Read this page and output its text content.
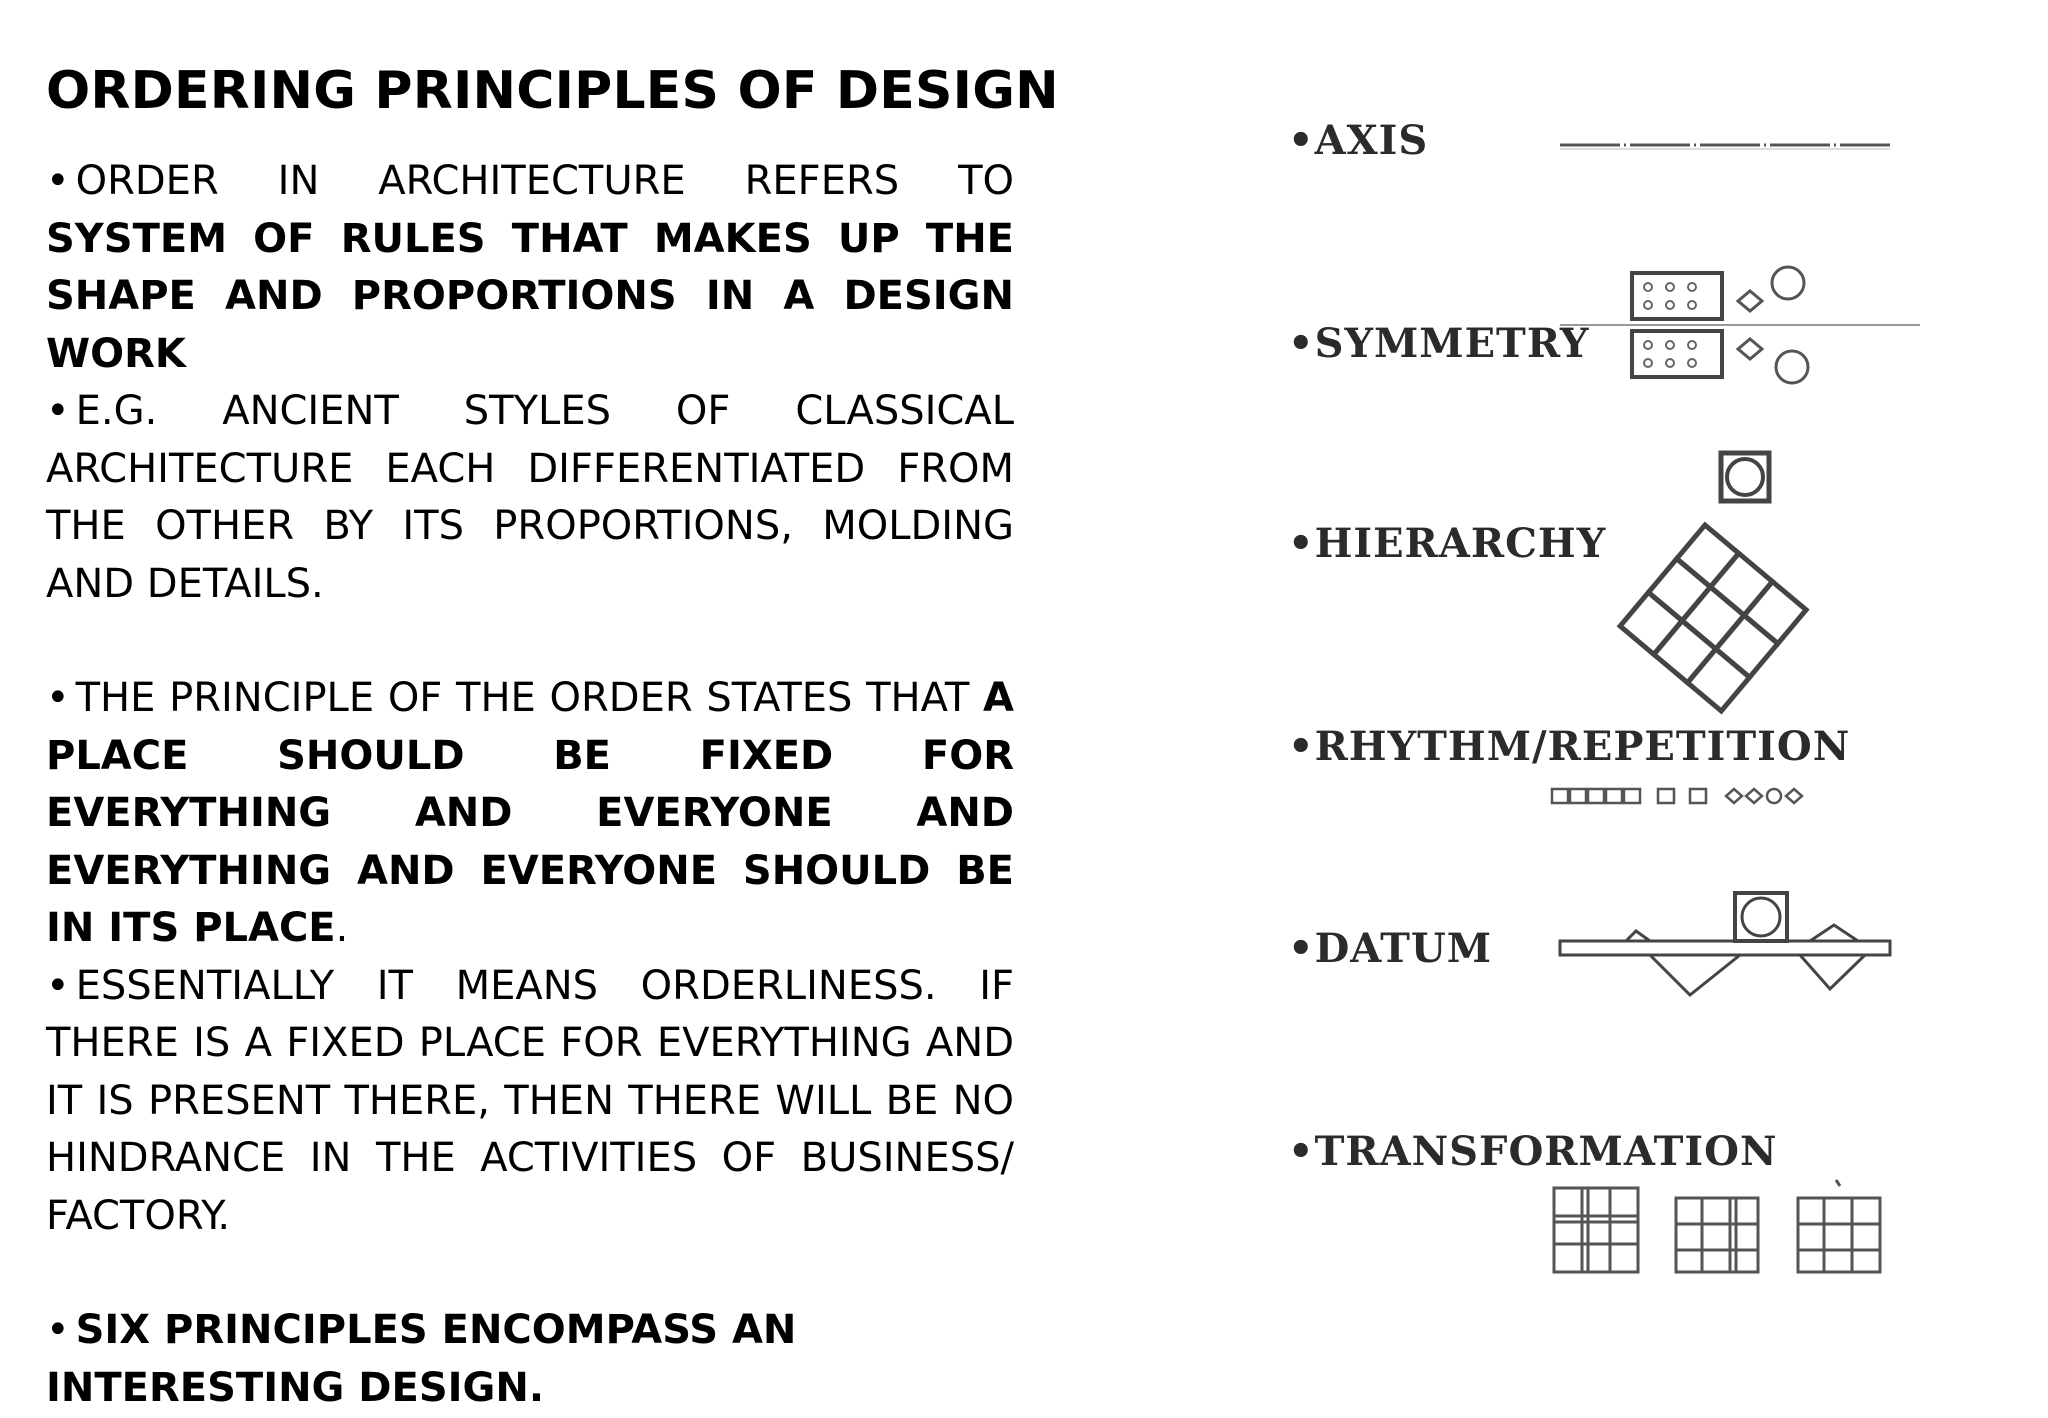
ORDERING PRINCIPLES OF DESIGN

• ORDER IN ARCHITECTURE REFERS TO SYSTEM OF RULES THAT MAKES UP THE SHAPE AND PROPORTIONS IN A DESIGN WORK

• E.G. ANCIENT STYLES OF CLASSICAL ARCHITECTURE EACH DIFFERENTIATED FROM THE OTHER BY ITS PROPORTIONS, MOLDING AND DETAILS.

• THE PRINCIPLE OF THE ORDER STATES THAT A PLACE SHOULD BE FIXED FOR EVERYTHING AND EVERYONE AND EVERYTHING AND EVERYONE SHOULD BE IN ITS PLACE.

• ESSENTIALLY IT MEANS ORDERLINESS. IF THERE IS A FIXED PLACE FOR EVERYTHING AND IT IS PRESENT THERE, THEN THERE WILL BE NO HINDRANCE IN THE ACTIVITIES OF BUSINESS/ FACTORY.

• SIX PRINCIPLES ENCOMPASS AN INTERESTING DESIGN.

•AXIS
•SYMMETRY
•HIERARCHY
•RHYTHM/REPETITION
•DATUM
•TRANSFORMATION
